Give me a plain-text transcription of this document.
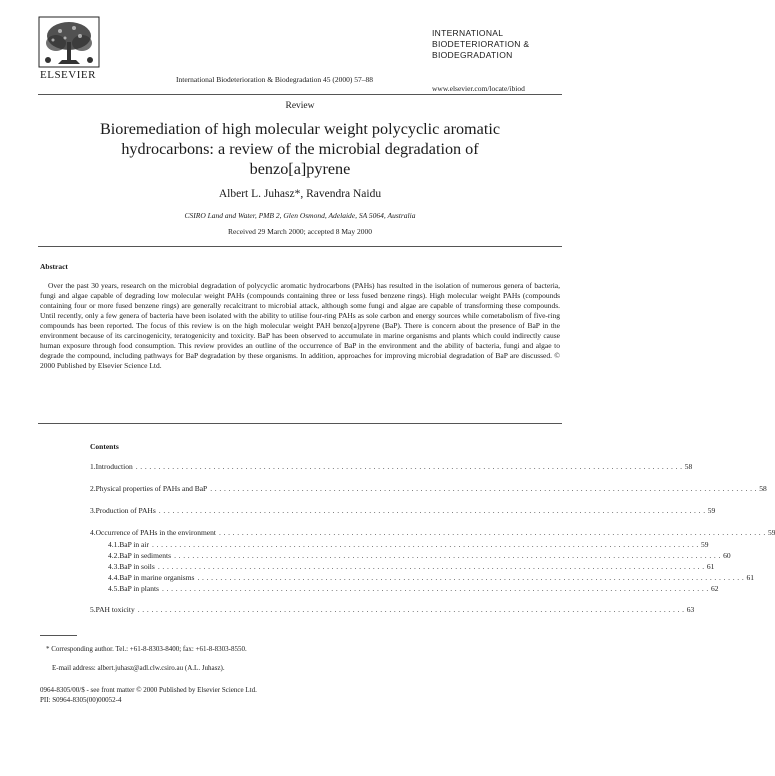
ELSEVIER	International Biodeterioration & Biodegradation 45 (2000) 57–88
INTERNATIONAL
BIODETERIORATION &
BIODEGRADATION
www.elsevier.com/locate/ibiod
Review
Bioremediation of high molecular weight polycyclic aromatic
hydrocarbons: a review of the microbial degradation of
benzo[a]pyrene
Albert L. Juhasz*, Ravendra Naidu
CSIRO Land and Water, PMB 2, Glen Osmond, Adelaide, SA 5064, Australia
Received 29 March 2000; accepted 8 May 2000
Abstract
Over the past 30 years, research on the microbial degradation of polycyclic aromatic hydrocarbons (PAHs) has resulted in the isolation of numerous genera of bacteria, fungi and algae capable of degrading low molecular weight PAHs (compounds containing three or less fused benzene rings). High molecular weight PAHs (compounds containing four or more fused benzene rings) are generally recalcitrant to microbial attack, although some fungi and algae are capable of transforming these compounds. Until recently, only a few genera of bacteria have been isolated with the ability to utilise four-ring PAHs as sole carbon and energy sources while cometabolism of five-ring compounds has been reported. The focus of this review is on the high molecular weight PAH benzo[a]pyrene (BaP). There is concern about the presence of BaP in the environment because of its carcinogenicity, teratogenicity and toxicity. BaP has been observed to accumulate in marine organisms and plants which could indirectly cause human exposure through food consumption. This review provides an outline of the occurrence of BaP in the environment and the ability of bacteria, fungi and algae to degrade the compound, including pathways for BaP degradation by these organisms. In addition, approaches for improving microbial degradation of BaP are discussed. © 2000 Published by Elsevier Science Ltd.
Contents
1. Introduction ........................................................................................................................ 58
2. Physical properties of PAHs and BaP ........................................................................................................................ 58
3. Production of PAHs ........................................................................................................................ 59
4. Occurrence of PAHs in the environment ........................................................................................................................ 59
4.1. BaP in air ........................................................................................................................ 59
4.2. BaP in sediments ........................................................................................................................ 60
4.3. BaP in soils ........................................................................................................................ 61
4.4. BaP in marine organisms ........................................................................................................................ 61
4.5. BaP in plants ........................................................................................................................ 62
5. PAH toxicity ........................................................................................................................ 63
* Corresponding author. Tel.: +61-8-8303-8400; fax: +61-8-8303-8550.
E-mail address: albert.juhasz@adl.clw.csiro.au (A.L. Juhasz).
0964-8305/00/$ - see front matter © 2000 Published by Elsevier Science Ltd.
PII: S0964-8305(00)00052-4
